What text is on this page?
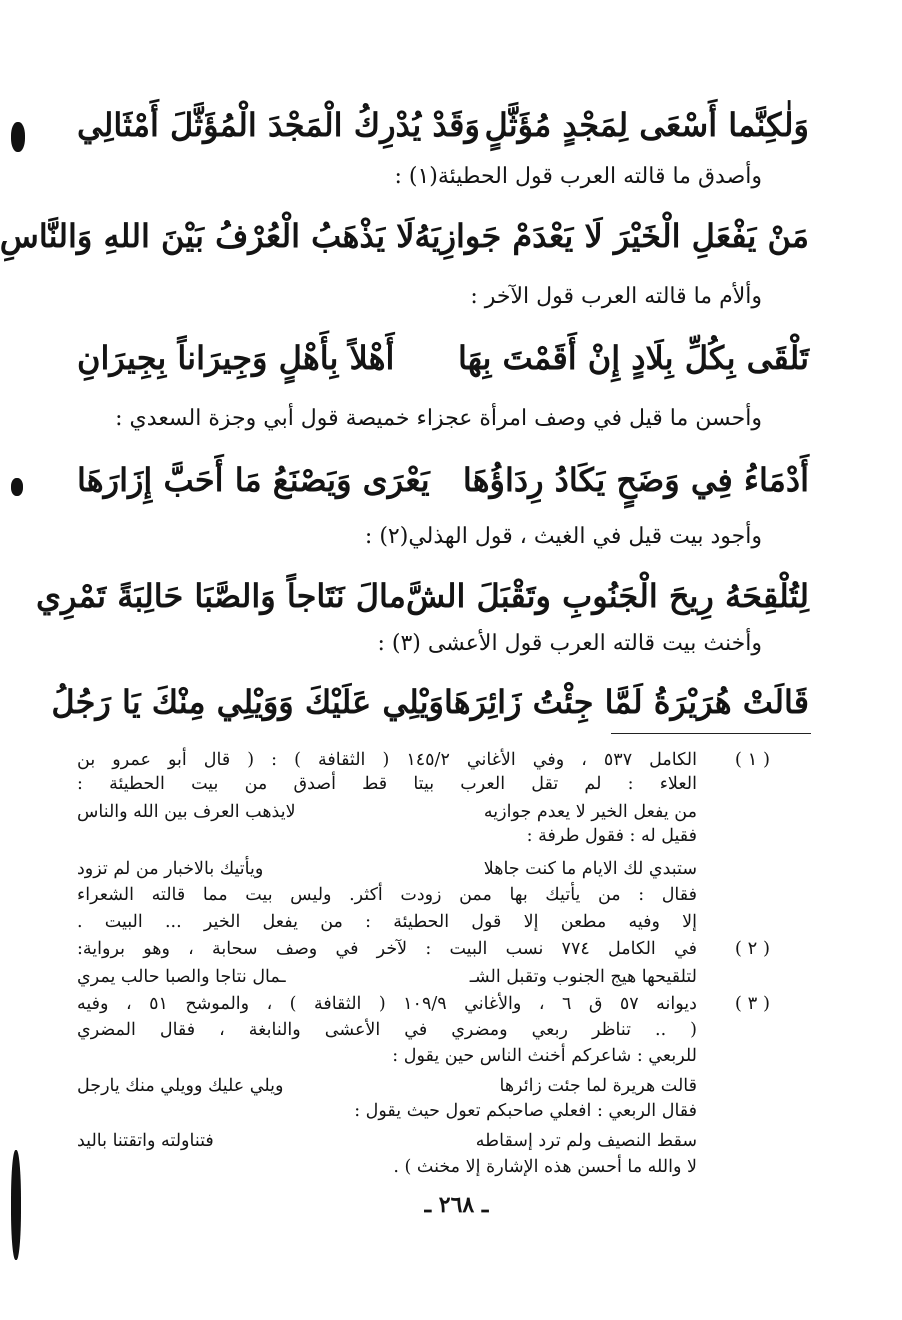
وَلٰكِنَّما أَسْعَى لِمَجْدٍ مُؤَثَّلٍ
وَقَدْ يُدْرِكُ الْمَجْدَ الْمُؤَثَّلَ أَمْثَالِي
وأصدق ما قالته العرب قول الحطيئة(١) :
مَنْ يَفْعَلِ الْخَيْرَ لَا يَعْدَمْ جَوازِيَهُ
لَا يَذْهَبُ الْعُرْفُ بَيْنَ اللهِ وَالنَّاسِ
وألأم ما قالته العرب قول الآخر :
تَلْقَى بِكُلِّ بِلَادٍ إِنْ أَقَمْتَ بِهَا
أَهْلاً بِأَهْلٍ وَجِيرَاناً بِجِيرَانِ
وأحسن ما قيل في وصف امرأة عجزاء خميصة قول أبي وجزة السعدي :
أَدْمَاءُ فِي وَضَحٍ يَكَادُ رِدَاؤُهَا
يَعْرَى وَيَصْنَعُ مَا أَحَبَّ إِزَارَهَا
وأجود بيت قيل في الغيث ، قول الهذلي(٢) :
لِتُلْقِحَهُ رِيحَ الْجَنُوبِ وتَقْبَلَ الشَّ
مالَ نَتَاجاً وَالصَّبَا حَالِبَةً تَمْرِي
وأخنث بيت قالته العرب قول الأعشى (٣) :
قَالَتْ هُرَيْرَةُ لَمَّا جِئْتُ زَائِرَهَا
وَيْلِي عَلَيْكَ وَوَيْلِي مِنْكَ يَا رَجُلُ
( ١ )
الكامل ٥٣٧ ، وفي الأغاني ١٤٥/٢ ( الثقافة ) : ( قال أبو عمرو بن
العلاء : لم تقل العرب بيتا قط أصدق من بيت الحطيئة :
من يفعل الخير لا يعدم جوازيه
لايذهب العرف بين الله والناس
فقيل له : فقول طرفة :
ستبدي لك الايام ما كنت جاهلا
ويأتيك بالاخبار من لم تزود
فقال : من يأتيك بها ممن زودت أكثر. وليس بيت مما قالته الشعراء
إلا وفيه مطعن إلا قول الحطيئة : من يفعل الخير ... البيت .
( ٢ )
في الكامل ٧٧٤ نسب البيت : لآخر في وصف سحابة ، وهو برواية:
لتلقيحها هيج الجنوب وتقبل الشـ
ـمال نتاجا والصبا حالب يمري
( ٣ )
ديوانه ٥٧ ق ٦ ، والأغاني ١٠٩/٩ ( الثقافة ) ، والموشح ٥١ ، وفيه
( .. تناظر ربعي ومضري في الأعشى والنابغة ، فقال المضري
للربعي : شاعركم أخنث الناس حين يقول :
قالت هريرة لما جئت زائرها
ويلي عليك وويلي منك يارجل
فقال الربعي : افعلي صاحبكم تعول حيث يقول :
سقط النصيف ولم ترد إسقاطه
فتناولته واتقتنا باليد
لا والله ما أحسن هذه الإشارة إلا مخنث ) .
ـ ٢٦٨ ـ
